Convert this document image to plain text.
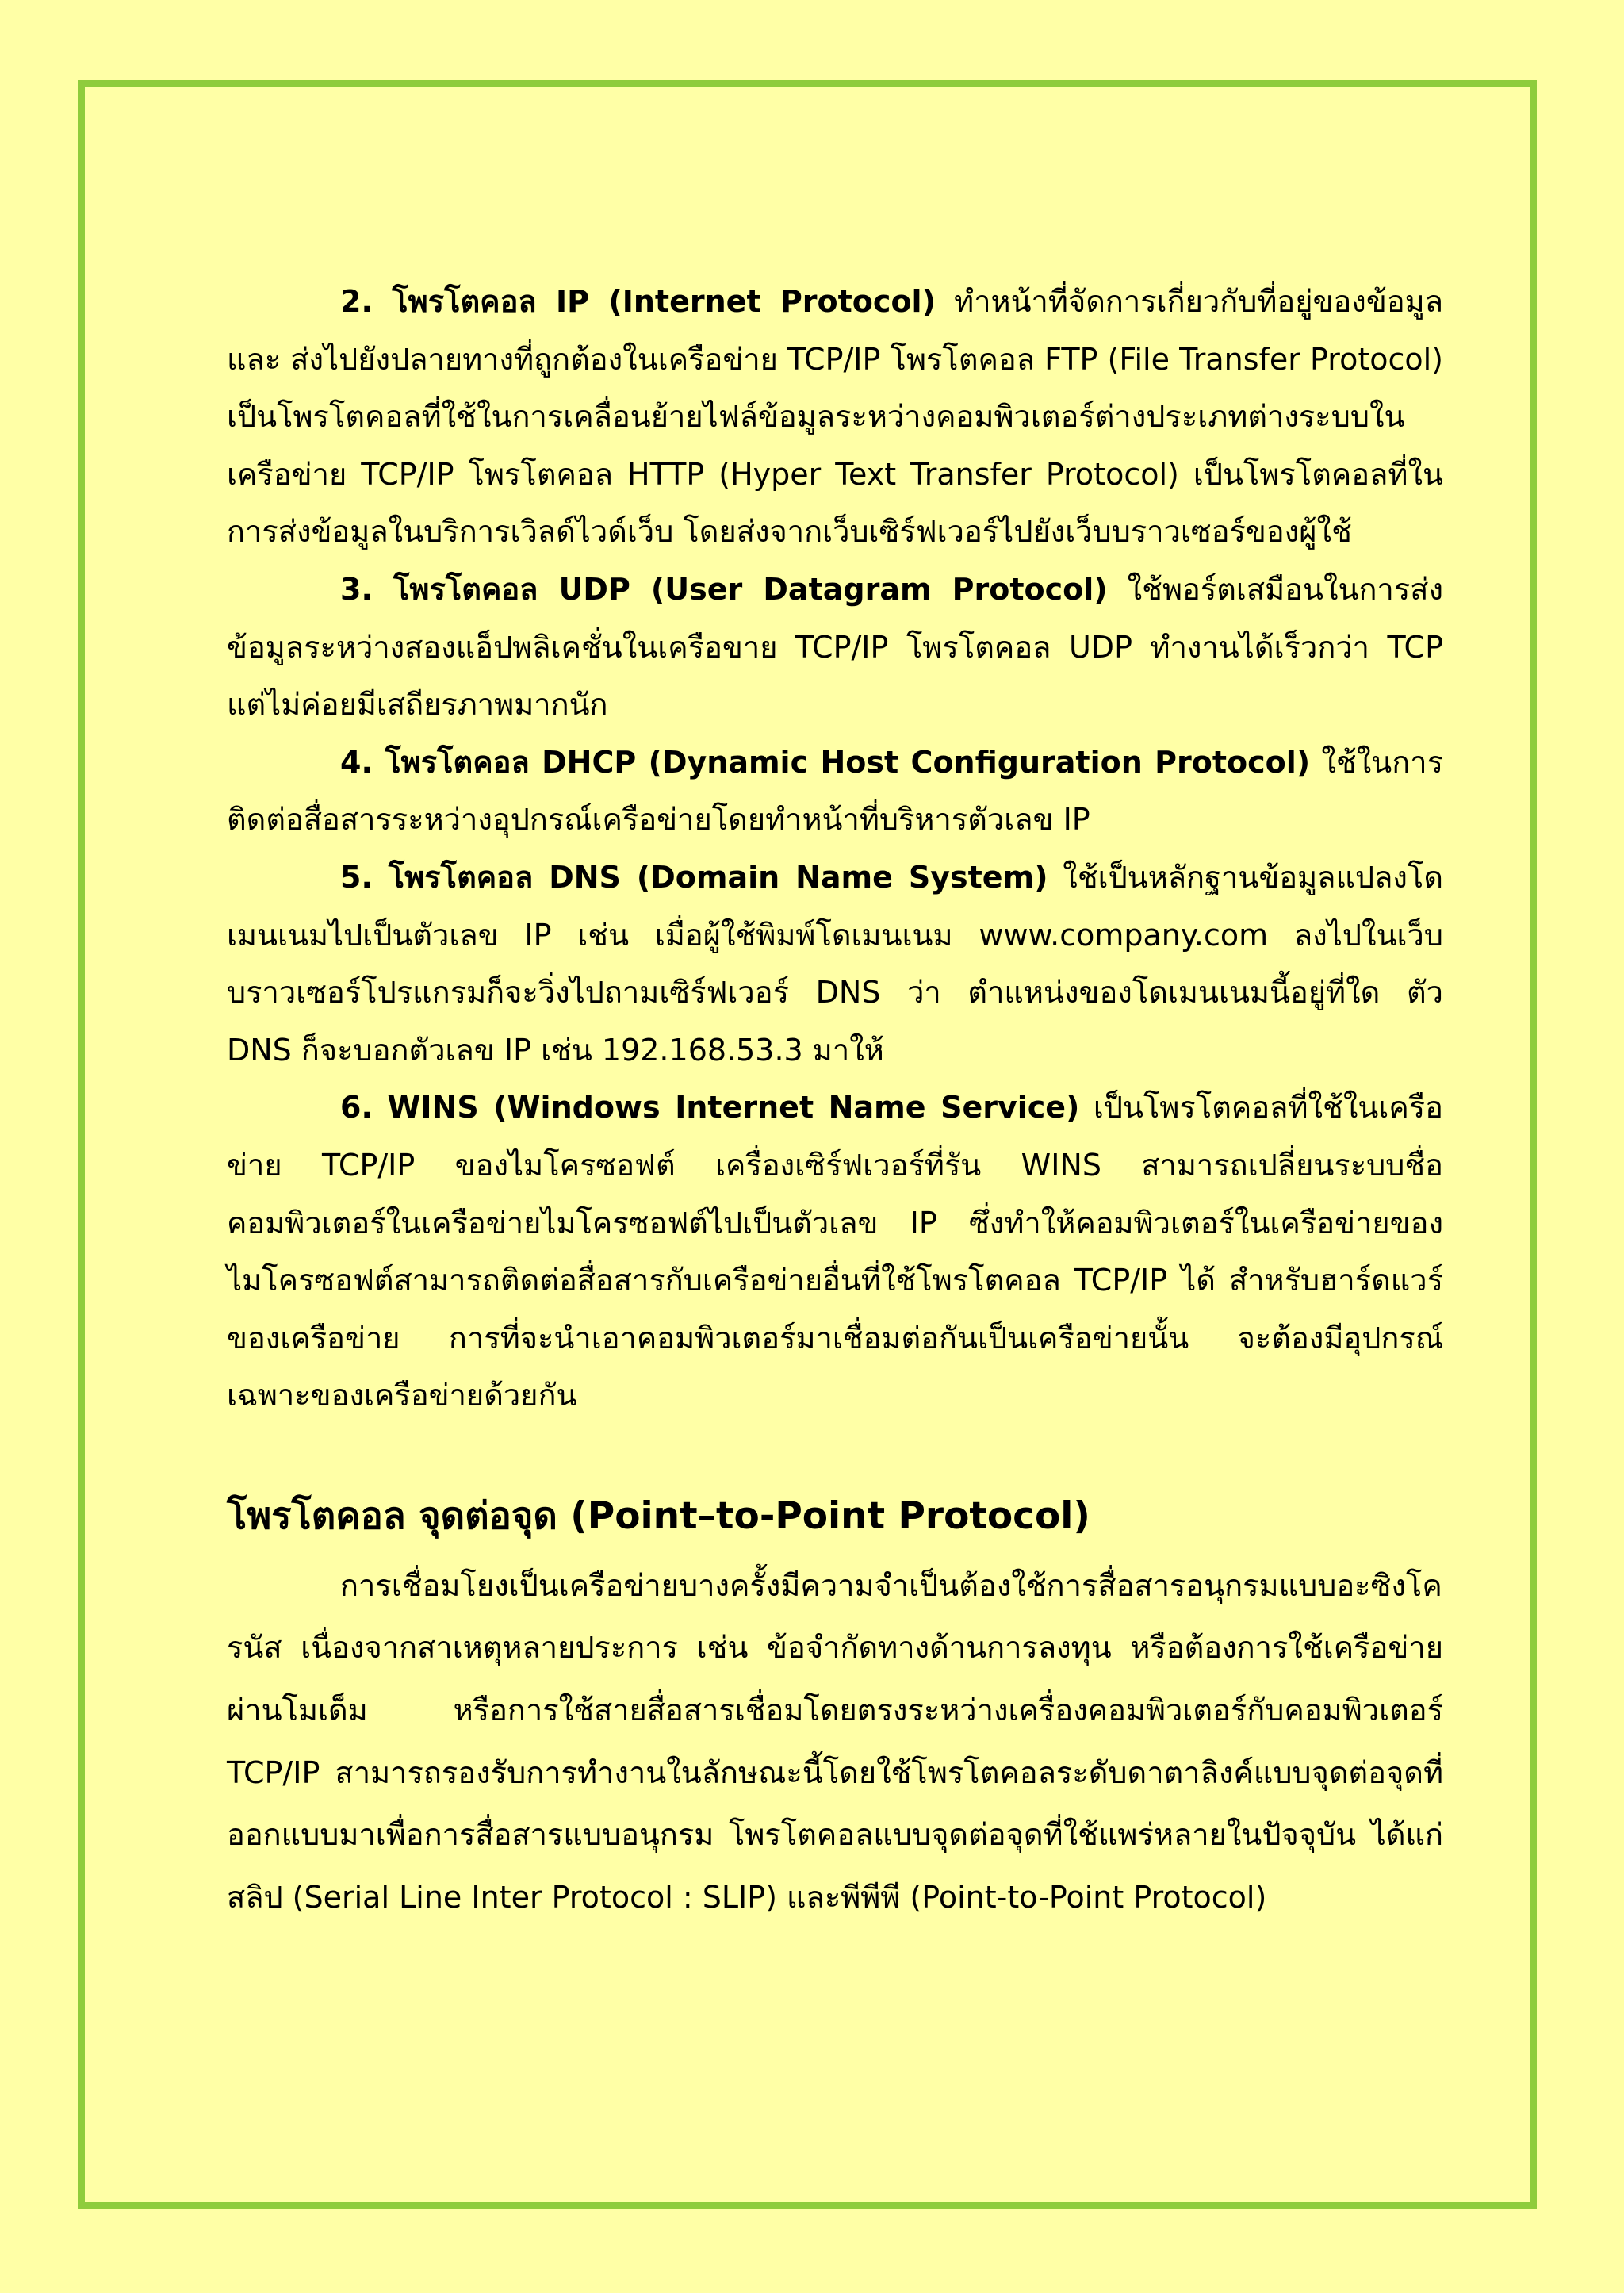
2. โพรโตคอล IP (Internet Protocol) ทำหน้าที่จัดการเกี่ยวกับที่อยู่ของข้อมูล และ ส่งไปยังปลายทางที่ถูกต้องในเครือข่าย TCP/IP โพรโตคอล FTP (File Transfer Protocol) เป็นโพรโตคอลที่ใช้ในการเคลื่อนย้ายไฟล์ข้อมูลระหว่างคอมพิวเตอร์ต่างประเภทต่างระบบในเครือข่าย TCP/IP โพรโตคอล HTTP (Hyper Text Transfer Protocol) เป็นโพรโตคอลที่ในการส่งข้อมูลในบริการเวิลด์ไวด์เว็บ โดยส่งจากเว็บเซิร์ฟเวอร์ไปยังเว็บบราวเซอร์ของผู้ใช้

3. โพรโตคอล UDP (User Datagram Protocol) ใช้พอร์ตเสมือนในการส่งข้อมูลระหว่างสองแอ็ปพลิเคชั่นในเครือขาย TCP/IP โพรโตคอล UDP ทำงานได้เร็วกว่า TCP แต่ไม่ค่อยมีเสถียรภาพมากนัก

4. โพรโตคอล DHCP (Dynamic Host Configuration Protocol) ใช้ในการติดต่อสื่อสารระหว่างอุปกรณ์เครือข่ายโดยทำหน้าที่บริหารตัวเลข IP

5. โพรโตคอล DNS (Domain Name System) ใช้เป็นหลักฐานข้อมูลแปลงโดเมนเนมไปเป็นตัวเลข IP เช่น เมื่อผู้ใช้พิมพ์โดเมนเนม www.company.com ลงไปในเว็บบราวเซอร์โปรแกรมก็จะวิ่งไปถามเซิร์ฟเวอร์ DNS ว่า ตำแหน่งของโดเมนเนมนี้อยู่ที่ใด ตัว DNS ก็จะบอกตัวเลข IP เช่น 192.168.53.3 มาให้

6. WINS (Windows Internet Name Service) เป็นโพรโตคอลที่ใช้ในเครือข่าย TCP/IP ของไมโครซอฟต์ เครื่องเซิร์ฟเวอร์ที่รัน WINS สามารถเปลี่ยนระบบชื่อคอมพิวเตอร์ในเครือข่ายไมโครซอฟต์ไปเป็นตัวเลข IP ซึ่งทำให้คอมพิวเตอร์ในเครือข่ายของไมโครซอฟต์สามารถติดต่อสื่อสารกับเครือข่ายอื่นที่ใช้โพรโตคอล TCP/IP ได้ สำหรับฮาร์ดแวร์ของเครือข่าย การที่จะนำเอาคอมพิวเตอร์มาเชื่อมต่อกันเป็นเครือข่ายนั้น จะต้องมีอุปกรณ์เฉพาะของเครือข่ายด้วยกัน

โพรโตคอล จุดต่อจุด (Point–to-Point Protocol)

การเชื่อมโยงเป็นเครือข่ายบางครั้งมีความจำเป็นต้องใช้การสื่อสารอนุกรมแบบอะซิงโครนัส เนื่องจากสาเหตุหลายประการ เช่น ข้อจำกัดทางด้านการลงทุน หรือต้องการใช้เครือข่ายผ่านโมเด็ม หรือการใช้สายสื่อสารเชื่อมโดยตรงระหว่างเครื่องคอมพิวเตอร์กับคอมพิวเตอร์ TCP/IP สามารถรองรับการทำงานในลักษณะนี้โดยใช้โพรโตคอลระดับดาตาลิงค์แบบจุดต่อจุดที่ออกแบบมาเพื่อการสื่อสารแบบอนุกรม โพรโตคอลแบบจุดต่อจุดที่ใช้แพร่หลายในปัจจุบัน ได้แก่ สลิป (Serial Line Inter Protocol : SLIP) และพีพีพี (Point-to-Point Protocol)
